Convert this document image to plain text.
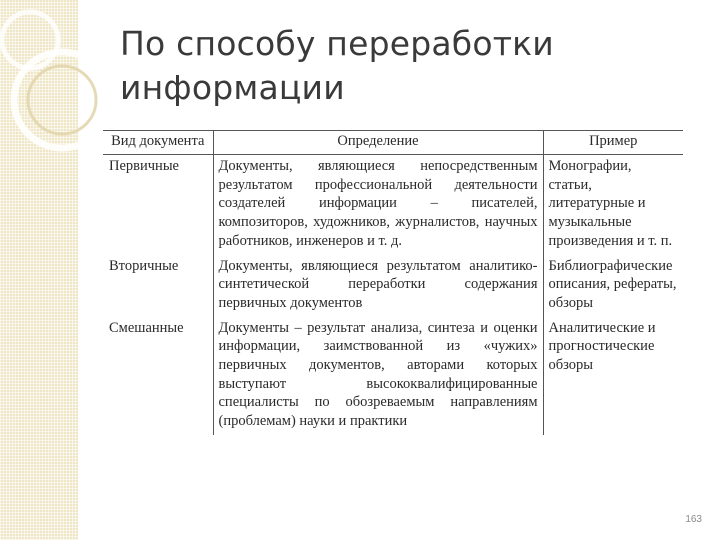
По способу переработки информации
Вид документа	Определение	Пример
Первичные	Документы, являющиеся непосредственным результатом профессиональной деятельности создателей информации – писателей, композиторов, художников, журналистов, научных работников, инженеров и т. д.	Монографии, статьи, литературные и музыкальные произведения и т. п.
Вторичные	Документы, являющиеся результатом аналитико-синтетической переработки содержания первичных документов	Библиографические описания, рефераты, обзоры
Смешанные	Документы – результат анализа, синтеза и оценки информации, заимствованной из «чужих» первичных документов, авторами которых выступают высококвалифицированные специалисты по обозреваемым направлениям (проблемам) науки и практики	Аналитические и прогностические обзоры
163
